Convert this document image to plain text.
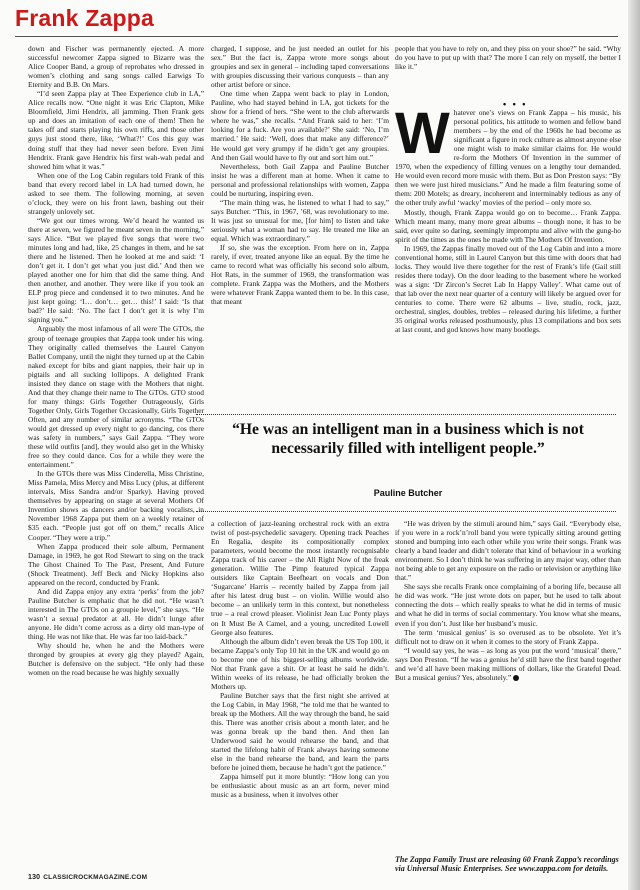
Frank Zappa

down and Fischer was permanently ejected. A more successful newcomer Zappa signed to Bizarre was the Alice Cooper Band, a group of reprobates who dressed in women’s clothing and sang songs called Earwigs To Eternity and B.B. On Mars.

“I’d seen Zappa play at Thee Experience club in LA,” Alice recalls now. “One night it was Eric Clapton, Mike Bloomfield, Jimi Hendrix, all jamming. Then Frank gets up and does an imitation of each one of them! Then he takes off and starts playing his own riffs, and those other guys just stood there, like, ‘What?!’ Cos this guy was doing stuff that they had never seen before. Even Jimi Hendrix. Frank gave Hendrix his first wah-wah pedal and showed him what it was.”

When one of the Log Cabin regulars told Frank of this band that every record label in LA had turned down, he asked to see them. The following morning, at seven o’clock, they were on his front lawn, bashing out their strangely unlovely set.

“We got our times wrong. We’d heard he wanted us there at seven, we figured he meant seven in the morning,” says Alice. “But we played five songs that were two minutes long and had, like, 25 changes in them, and he sat there and he listened. Then he looked at me and said: ‘I don’t get it. I don’t get what you just did.’ And then we played another one for him that did the same thing. And then another, and another. They were like if you took an ELP prog piece and condensed it to two minutes. And he just kept going: ‘I… don’t… get… this!’ I said: ‘Is that bad?’ He said: ‘No. The fact I don’t get it is why I’m signing you.”

Arguably the most infamous of all were The GTOs, the group of teenage groupies that Zappa took under his wing. They originally called themselves the Laurel Canyon Ballet Company, until the night they turned up at the Cabin naked except for bibs and giant nappies, their hair up in pigtails and all sucking lollipops. A delighted Frank insisted they dance on stage with the Mothers that night. And that they change their name to The GTOs. GTO stood for many things: Girls Together Outrageously, Girls Together Only, Girls Together Occasionally, Girls Together Often, and any number of similar acronyms. “The GTOs would get dressed up every night to go dancing, cos there was safety in numbers,” says Gail Zappa. “They wore these wild outfits [and], they would also get in the Whisky free so they could dance. Cos for a while they were the entertainment.”

In the GTOs there was Miss Cinderella, Miss Christine, Miss Pamela, Miss Mercy and Miss Lucy (plus, at different intervals, Miss Sandra and/or Sparky). Having proved themselves by appearing on stage at several Mothers Of Invention shows as dancers and/or backing vocalists, in November 1968 Zappa put them on a weekly retainer of $35 each. “People just got off on them,” recalls Alice Cooper. “They were a trip.”

When Zappa produced their sole album, Permanent Damage, in 1969, he got Rod Stewart to sing on the track The Ghost Chained To The Past, Present, And Future (Shock Treatment). Jeff Beck and Nicky Hopkins also appeared on the record, conducted by Frank.

And did Zappa enjoy any extra ‘perks’ from the job? Pauline Butcher is emphatic that he did not. “He wasn’t interested in The GTOs on a groupie level,” she says. “He wasn’t a sexual predator at all. He didn’t lunge after anyone. He didn’t come across as a dirty old man-type of thing. He was not like that. He was far too laid-back.”

Why should he, when he and the Mothers were thronged by groupies at every gig they played? Again, Butcher is defensive on the subject. “He only had these women on the road because he was highly sexually

charged, I suppose, and he just needed an outlet for his sex.” But the fact is, Zappa wrote more songs about groupies and sex in general – including taped conversations with groupies discussing their various conquests – than any other artist before or since.

One time when Zappa went back to play in London, Pauline, who had stayed behind in LA, got tickets for the show for a friend of hers. “She went to the club afterwards where he was,” she recalls. “And Frank said to her: ‘I’m looking for a fuck. Are you available?’ She said: ‘No, I’m married.’ He said: ‘Well, does that make any difference?’ He would get very grumpy if he didn’t get any groupies. And then Gail would have to fly out and sort him out.”

Nevertheless, both Gail Zappa and Pauline Butcher insist he was a different man at home. When it came to personal and professional relationships with women, Zappa could be nurturing, inspiring even.

“The main thing was, he listened to what I had to say,” says Butcher. “This, in 1967, ’68, was revolutionary to me. It was just so unusual for me, [for him] to listen and take seriously what a woman had to say. He treated me like an equal. Which was extraordinary.”

If so, she was the exception. From here on in, Zappa rarely, if ever, treated anyone like an equal. By the time he came to record what was officially his second solo album, Hot Rats, in the summer of 1969, the transformation was complete. Frank Zappa was the Mothers, and the Mothers were whatever Frank Zappa wanted them to be. In this case, that meant

a collection of jazz-leaning orchestral rock with an extra twist of post-psychedelic savagery. Opening track Peaches En Regalia, despite its compositionally complex parameters, would become the most instantly recognisable Zappa track of his career – the All Right Now of the freak generation. Willie The Pimp featured typical Zappa outsiders like Captain Beefheart on vocals and Don ‘Sugarcane’ Harris – recently bailed by Zappa from jail after his latest drug bust – on violin. Willie would also become – an unlikely term in this context, but nonetheless true – a real crowd pleaser. Violinist Jean Luc Ponty plays on It Must Be A Camel, and a young, uncredited Lowell George also features.

Although the album didn’t even break the US Top 100, it became Zappa’s only Top 10 hit in the UK and would go on to become one of his biggest-selling albums worldwide. Not that Frank gave a shit. Or at least he said he didn’t. Within weeks of its release, he had officially broken the Mothers up.

Pauline Butcher says that the first night she arrived at the Log Cabin, in May 1968, “he told me that he wanted to break up the Mothers. All the way through the band, he said this. There was another crisis about a month later, and he was gonna break up the band then. And then Ian Underwood said he would rehearse the band, and that started the lifelong habit of Frank always having someone else in the band rehearse the band, and learn the parts before he joined them, because he hadn’t got the patience.”

Zappa himself put it more bluntly: “How long can you be enthusiastic about music as an art form, never mind music as a business, when it involves other

people that you have to rely on, and they piss on your shoe?” he said. “Why do you have to put up with that? The more I can rely on myself, the better I like it.”

• • •

Whatever one’s views on Frank Zappa – his music, his personal politics, his attitude to women and fellow band members – by the end of the 1960s he had become as significant a figure in rock culture as almost anyone else one might wish to make similar claims for. He would re-form the Mothers Of Invention in the summer of 1970, when the expediency of filling venues on a lengthy tour demanded. He would even record more music with them. But as Don Preston says: “By then we were just hired musicians.” And he made a film featuring some of them: 200 Motels; as dreary, incoherent and interminably tedious as any of the other truly awful ‘wacky’ movies of the period – only more so.

Mostly, though, Frank Zappa would go on to become… Frank Zappa. Which meant many, many more great albums – though none, it has to be said, ever quite so daring, seemingly impromptu and alive with the gung-ho spirit of the times as the ones he made with The Mothers Of Invention.

In 1969, the Zappas finally moved out of the Log Cabin and into a more conventional home, still in Laurel Canyon but this time with doors that had locks. They would live there together for the rest of Frank’s life (Gail still resides there today). On the door leading to the basement where he worked was a sign: ‘Dr Zircon’s Secret Lab In Happy Valley’. What came out of that lab over the next near quarter of a century will likely be argued over for centuries to come. There were 62 albums – live, studio, rock, jazz, orchestral, singles, doubles, trebles – released during his lifetime, a further 35 original works released posthumously, plus 13 compilations and box sets at last count, and god knows how many bootlegs.

“He was an intelligent man in a business which is not necessarily filled with intelligent people.”
Pauline Butcher

“He was driven by the stimuli around him,” says Gail. “Everybody else, if you were in a rock’n’roll band you were typically sitting around getting stoned and bumping into each other while you write their songs. Frank was clearly a band leader and didn’t tolerate that kind of behaviour in a working environment. So I don’t think he was suffering in any major way, other than not being able to get any exposure on the radio or television or anything like that.”

She says she recalls Frank once complaining of a boring life, because all he did was work. “He just wrote dots on paper, but he used to talk about connecting the dots – which really speaks to what he did in terms of music and what he did in terms of social commentary. You know what she means, even if you don’t. Just like her husband’s music.

The term ‘musical genius’ is so overused as to be obsolete. Yet it’s difficult not to draw on it when it comes to the story of Frank Zappa.

“I would say yes, he was – as long as you put the word ‘musical’ there,” says Don Preston. “If he was a genius he’d still have the first band together and we’d all have been making millions of dollars, like the Grateful Dead. But a musical genius? Yes, absolutely.”

The Zappa Family Trust are releasing 60 Frank Zappa’s recordings via Universal Music Enterprises. See www.zappa.com for details.
130 CLASSICROCKMAGAZINE.COM
